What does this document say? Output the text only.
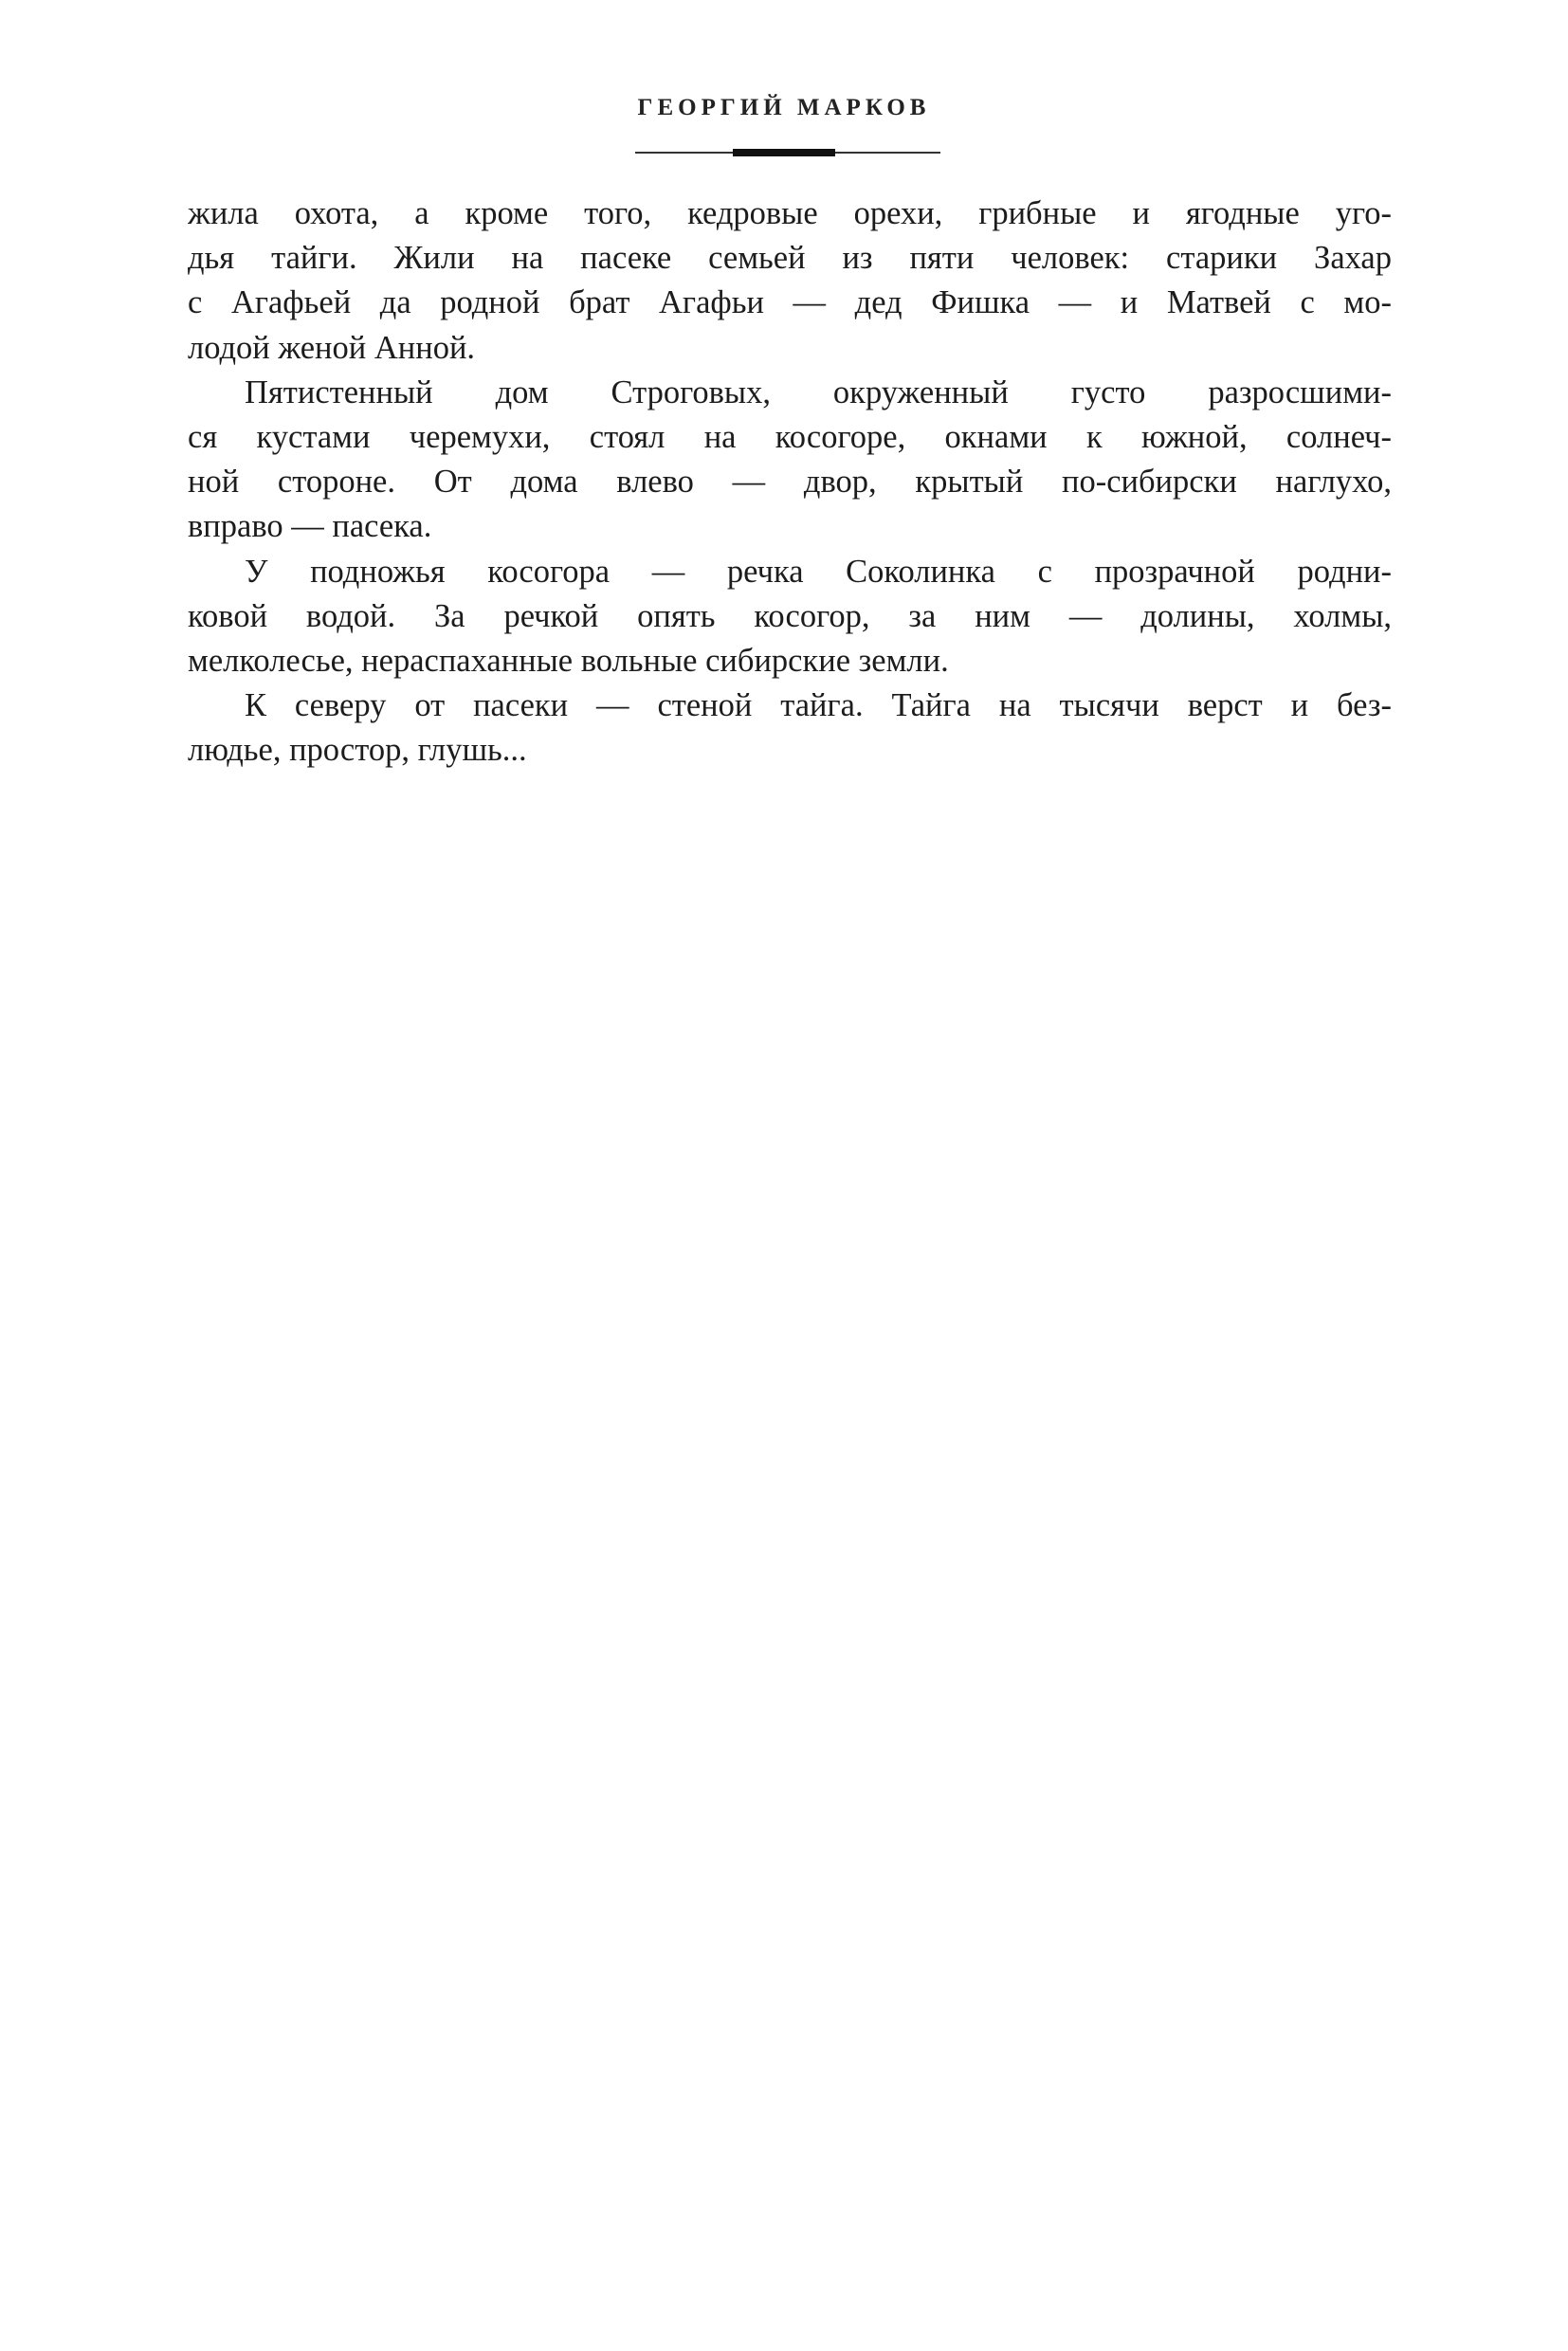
ГЕОРГИЙ МАРКОВ
жила охота, а кроме того, кедровые орехи, грибные и ягодные уго-
дья тайги. Жили на пасеке семьей из пяти человек: старики Захар
с Агафьей да родной брат Агафьи — дед Фишка — и Матвей с мо-
лодой женой Анной.
Пятистенный дом Строговых, окруженный густо разросшими-
ся кустами черемухи, стоял на косогоре, окнами к южной, солнеч-
ной стороне. От дома влево — двор, крытый по-сибирски наглухо,
вправо — пасека.
У подножья косогора — речка Соколинка с прозрачной родни-
ковой водой. За речкой опять косогор, за ним — долины, холмы,
мелколесье, нераспаханные вольные сибирские земли.
К северу от пасеки — стеной тайга. Тайга на тысячи верст и без-
людье, простор, глушь...
